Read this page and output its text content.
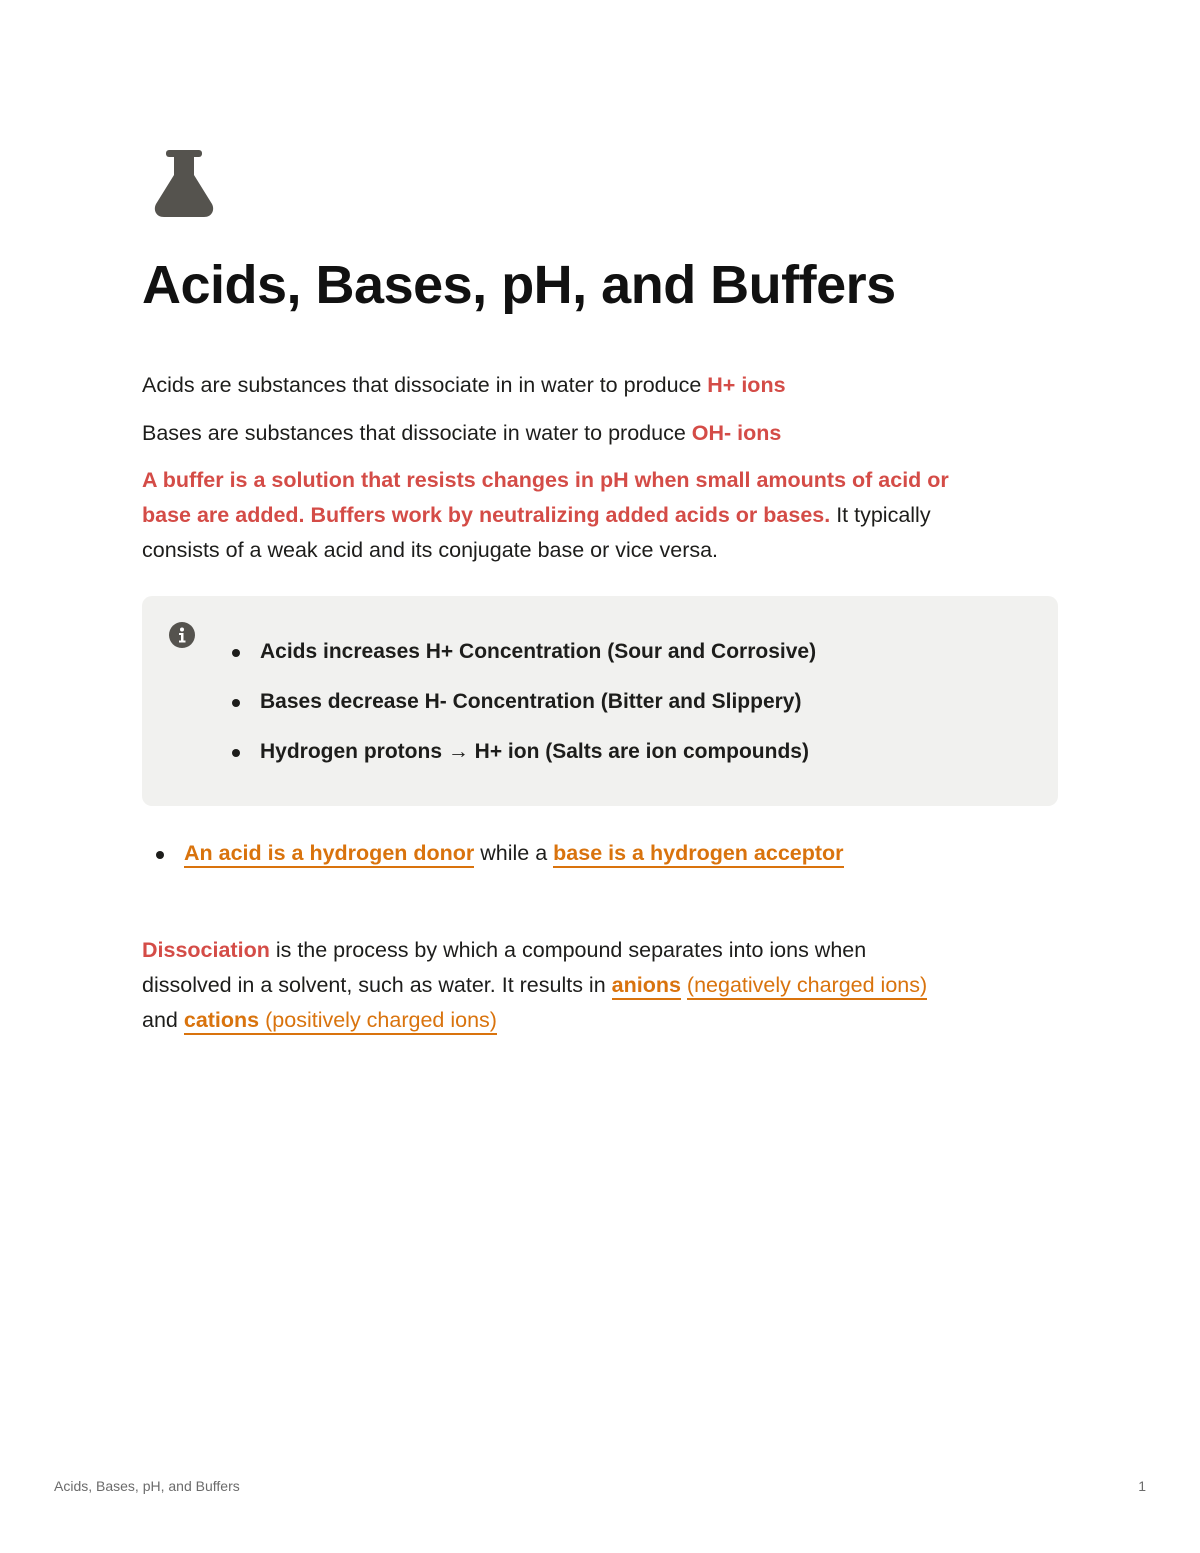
Acids, Bases, pH, and Buffers

Acids are substances that dissociate in in water to produce H+ ions

Bases are substances that dissociate in water to produce OH- ions

A buffer is a solution that resists changes in pH when small amounts of acid or
base are added. Buffers work by neutralizing added acids or bases. It typically
consists of a weak acid and its conjugate base or vice versa.

Acids increases H+ Concentration (Sour and Corrosive)
Bases decrease H- Concentration (Bitter and Slippery)
Hydrogen protons → H+ ion (Salts are ion compounds)
An acid is a hydrogen donor while a base is a hydrogen acceptor

Dissociation is the process by which a compound separates into ions when
dissolved in a solvent, such as water. It results in anions (negatively charged ions)
and cations (positively charged ions)

Acids, Bases, pH, and Buffers	1
